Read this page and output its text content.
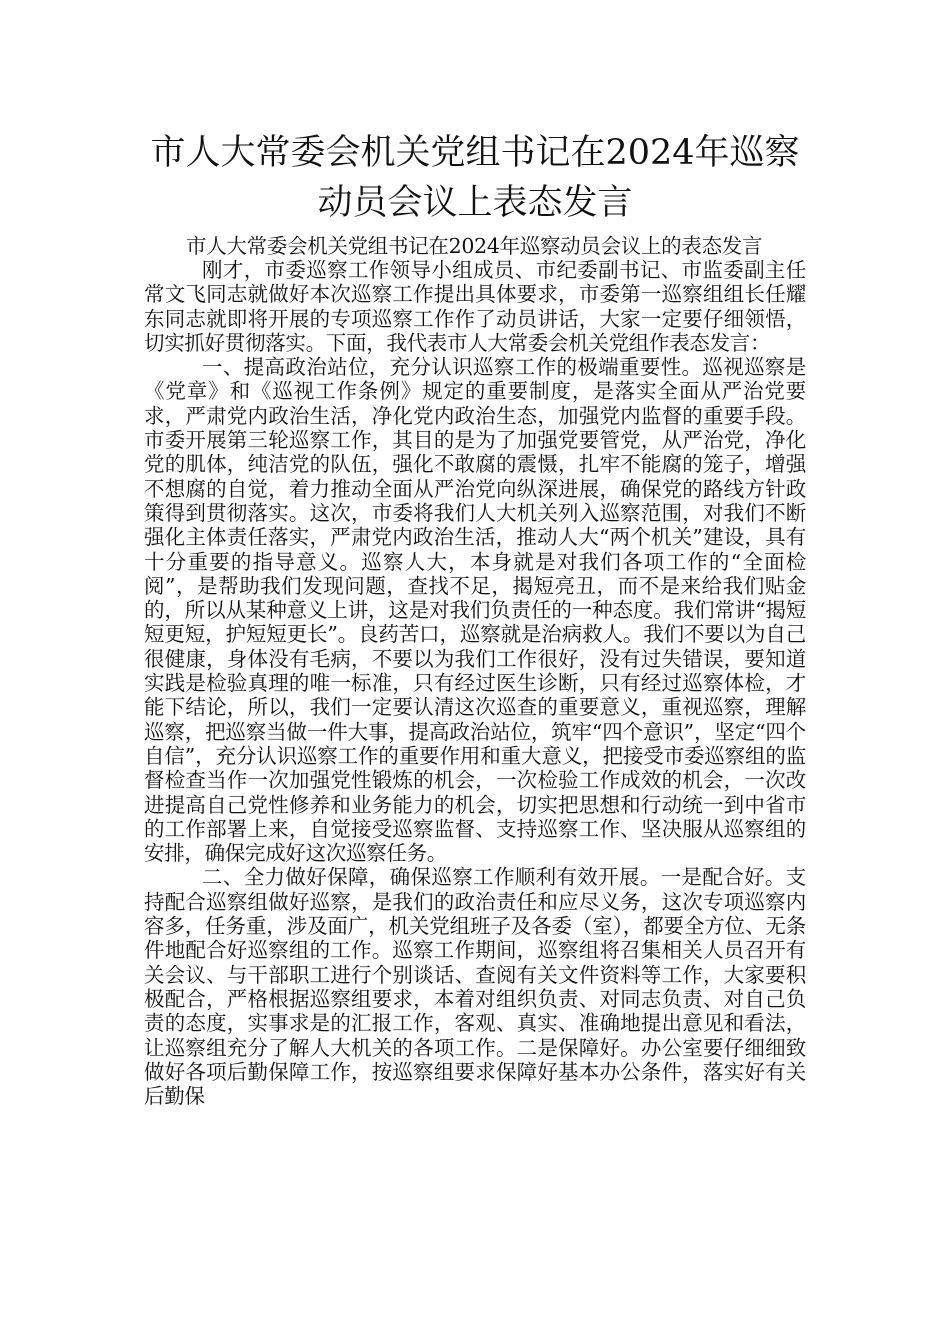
市人大常委会机关党组书记在2024年巡察动员会议上表态发言

市人大常委会机关党组书记在2024年巡察动员会议上的表态发言

刚才，市委巡察工作领导小组成员、市纪委副书记、市监委副主任常文飞同志就做好本次巡察工作提出具体要求，市委第一巡察组组长任耀东同志就即将开展的专项巡察工作作了动员讲话，大家一定要仔细领悟，切实抓好贯彻落实。下面，我代表市人大常委会机关党组作表态发言：

一、提高政治站位，充分认识巡察工作的极端重要性。巡视巡察是《党章》和《巡视工作条例》规定的重要制度，是落实全面从严治党要求，严肃党内政治生活，净化党内政治生态，加强党内监督的重要手段。市委开展第三轮巡察工作，其目的是为了加强党要管党，从严治党，净化党的肌体，纯洁党的队伍，强化不敢腐的震慑，扎牢不能腐的笼子，增强不想腐的自觉，着力推动全面从严治党向纵深进展，确保党的路线方针政策得到贯彻落实。这次，市委将我们人大机关列入巡察范围，对我们不断强化主体责任落实，严肃党内政治生活，推动人大“两个机关”建设，具有十分重要的指导意义。巡察人大，本身就是对我们各项工作的“全面检阅”，是帮助我们发现问题，查找不足，揭短亮丑，而不是来给我们贴金的，所以从某种意义上讲，这是对我们负责任的一种态度。我们常讲“揭短短更短，护短短更长”。良药苦口，巡察就是治病救人。我们不要以为自己很健康，身体没有毛病，不要以为我们工作很好，没有过失错误，要知道实践是检验真理的唯一标准，只有经过医生诊断，只有经过巡察体检，才能下结论，所以，我们一定要认清这次巡查的重要意义，重视巡察，理解巡察，把巡察当做一件大事，提高政治站位，筑牢“四个意识”，坚定“四个自信”，充分认识巡察工作的重要作用和重大意义，把接受市委巡察组的监督检查当作一次加强党性锻炼的机会，一次检验工作成效的机会，一次改进提高自己党性修养和业务能力的机会，切实把思想和行动统一到中省市的工作部署上来，自觉接受巡察监督、支持巡察工作、坚决服从巡察组的安排，确保完成好这次巡察任务。

二、全力做好保障，确保巡察工作顺利有效开展。一是配合好。支持配合巡察组做好巡察，是我们的政治责任和应尽义务，这次专项巡察内容多，任务重，涉及面广，机关党组班子及各委（室），都要全方位、无条件地配合好巡察组的工作。巡察工作期间，巡察组将召集相关人员召开有关会议、与干部职工进行个别谈话、查阅有关文件资料等工作，大家要积极配合，严格根据巡察组要求，本着对组织负责、对同志负责、对自己负责的态度，实事求是的汇报工作，客观、真实、准确地提出意见和看法，让巡察组充分了解人大机关的各项工作。二是保障好。办公室要仔细细致做好各项后勤保障工作，按巡察组要求保障好基本办公条件，落实好有关后勤保
